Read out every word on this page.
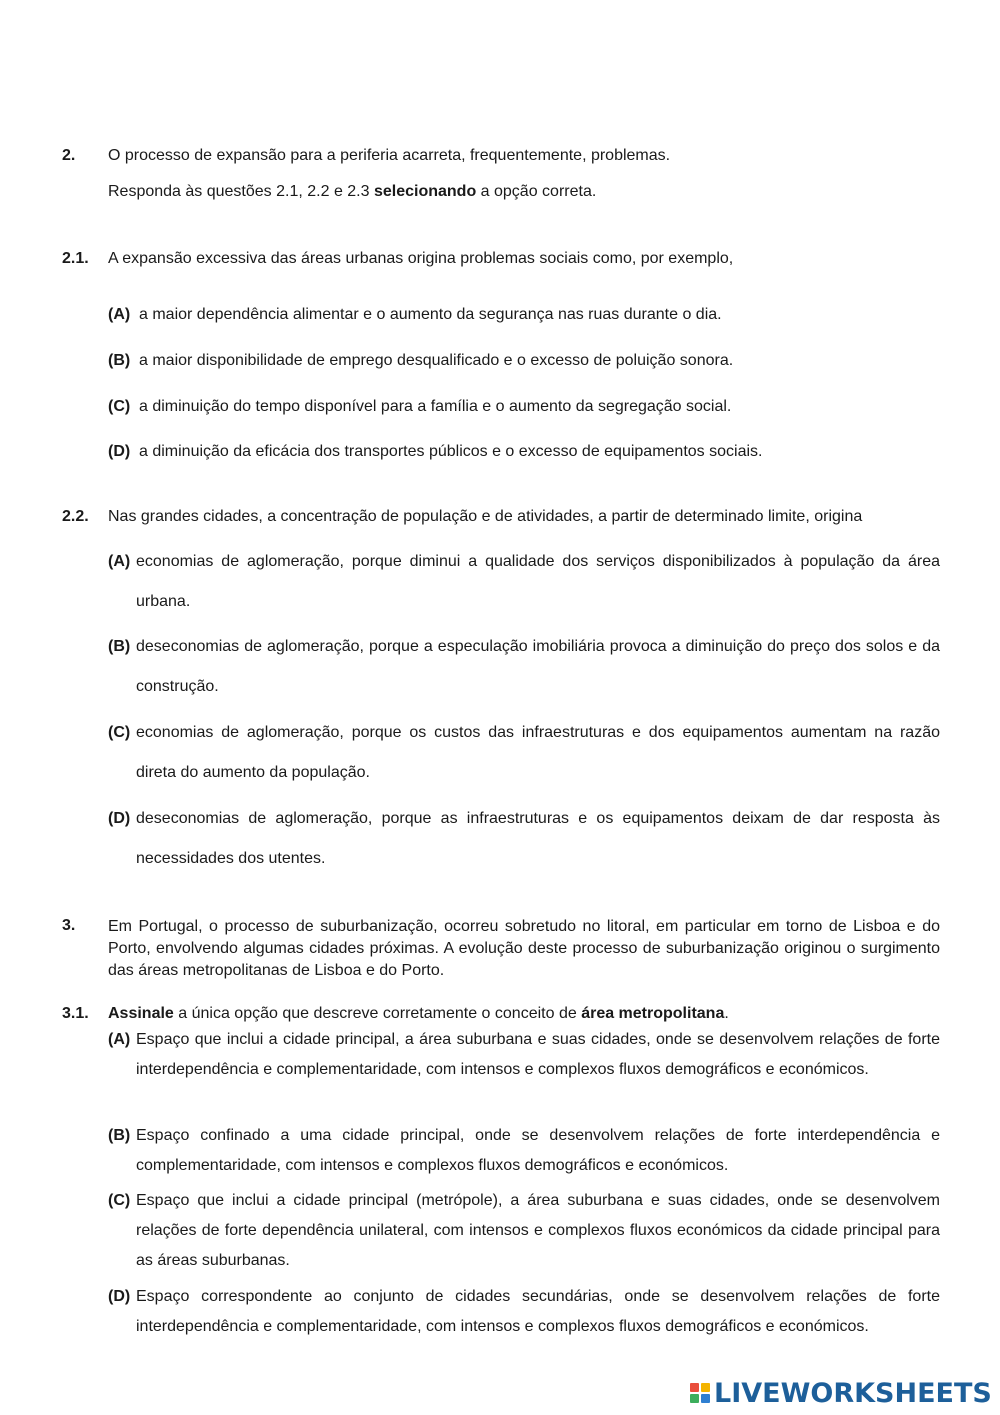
2. O processo de expansão para a periferia acarreta, frequentemente, problemas.
Responda às questões 2.1, 2.2 e 2.3 selecionando a opção correta.
2.1. A expansão excessiva das áreas urbanas origina problemas sociais como, por exemplo,
(A) a maior dependência alimentar e o aumento da segurança nas ruas durante o dia.
(B) a maior disponibilidade de emprego desqualificado e o excesso de poluição sonora.
(C) a diminuição do tempo disponível para a família e o aumento da segregação social.
(D) a diminuição da eficácia dos transportes públicos e o excesso de equipamentos sociais.
2.2. Nas grandes cidades, a concentração de população e de atividades, a partir de determinado limite, origina
(A) economias de aglomeração, porque diminui a qualidade dos serviços disponibilizados à população da área urbana.
(B) deseconomias de aglomeração, porque a especulação imobiliária provoca a diminuição do preço dos solos e da construção.
(C) economias de aglomeração, porque os custos das infraestruturas e dos equipamentos aumentam na razão direta do aumento da população.
(D) deseconomias de aglomeração, porque as infraestruturas e os equipamentos deixam de dar resposta às necessidades dos utentes.
3. Em Portugal, o processo de suburbanização, ocorreu sobretudo no litoral, em particular em torno de Lisboa e do Porto, envolvendo algumas cidades próximas. A evolução deste processo de suburbanização originou o surgimento das áreas metropolitanas de Lisboa e do Porto.
3.1. Assinale a única opção que descreve corretamente o conceito de área metropolitana.
(A) Espaço que inclui a cidade principal, a área suburbana e suas cidades, onde se desenvolvem relações de forte interdependência e complementaridade, com intensos e complexos fluxos demográficos e económicos.
(B) Espaço confinado a uma cidade principal, onde se desenvolvem relações de forte interdependência e complementaridade, com intensos e complexos fluxos demográficos e económicos.
(C) Espaço que inclui a cidade principal (metrópole), a área suburbana e suas cidades, onde se desenvolvem relações de forte dependência unilateral, com intensos e complexos fluxos económicos da cidade principal para as áreas suburbanas.
(D) Espaço correspondente ao conjunto de cidades secundárias, onde se desenvolvem relações de forte interdependência e complementaridade, com intensos e complexos fluxos demográficos e económicos.
LIVEWORKSHEETS
